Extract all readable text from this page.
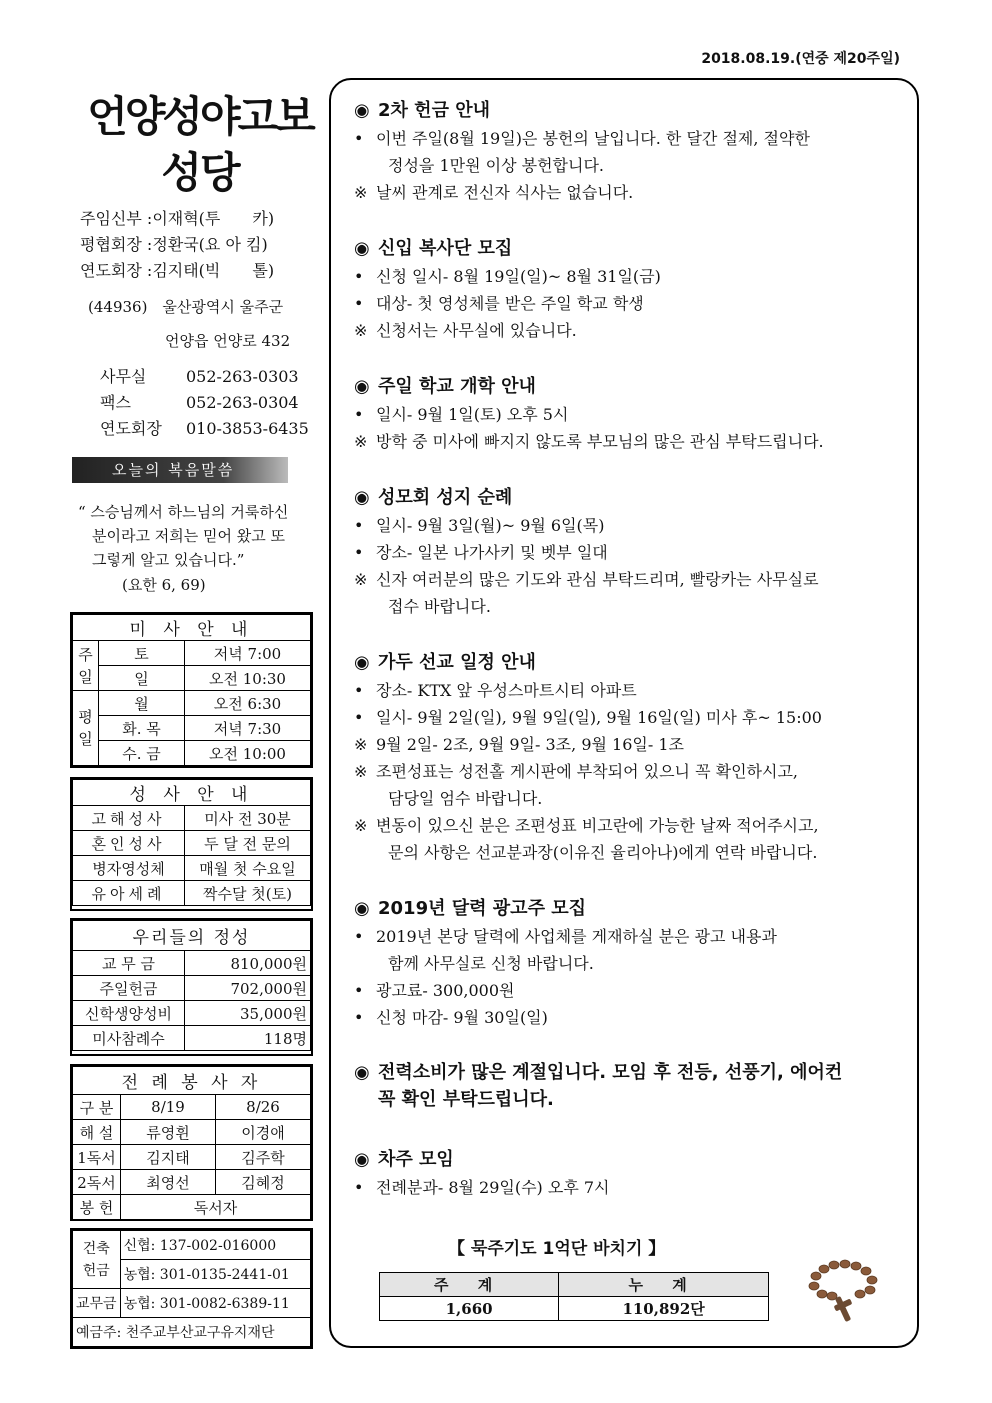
2018.08.19.(연중 제20주일)
언양성야고보
성당
주임신부 :이재혁(투　　카)
평협회장 :정환국(요 아 킴)
연도회장 :김지태(빅　　톨)
(44936)　울산광역시 울주군
언양읍 언양로 432
사무실 052-263-0303
팩스	052-263-0304
연도회장 010-3853-6435
오늘의 복음말씀
“ 스승님께서 하느님의 거룩하신
분이라고 저희는 믿어 왔고 또
그렇게 알고 있습니다.”
(요한 6, 69)
미 사 안 내		
주일	토	저녁 7:00
	일	오전 10:30
평일	월	오전 6:30
	화. 목	저녁 7:30
	수. 금	오전 10:00
성 사 안 내	
고해성사	미사 전 30분
혼인성사	두 달 전 문의
병자영성체	매월 첫 수요일
유아세례	짝수달 첫(토)
우리들의 정성	
교 무 금	810,000원
주일헌금	702,000원
신학생양성비	35,000원
미사참례수	118명
전 례 봉 사 자		
구 분	8/19	8/26
해 설	류영휜	이경애
1독서	김지태	김주학
2독서	최영선	김혜정
봉 헌	독서자	
건축
헌금	신협: 137-002-016000
	농협: 301-0135-2441-01
교무금	농협: 301-0082-6389-11
예금주: 천주교부산교구유지재단	
◉ 2차 헌금 안내
• 이번 주일(8월 19일)은 봉헌의 날입니다. 한 달간 절제, 절약한
정성을 1만원 이상 봉헌합니다.
※ 날씨 관계로 전신자 식사는 없습니다.
◉ 신입 복사단 모집
• 신청 일시- 8월 19일(일)~ 8월 31일(금)
• 대상- 첫 영성체를 받은 주일 학교 학생
※ 신청서는 사무실에 있습니다.
◉ 주일 학교 개학 안내
• 일시- 9월 1일(토) 오후 5시
※ 방학 중 미사에 빠지지 않도록 부모님의 많은 관심 부탁드립니다.
◉ 성모회 성지 순례
• 일시- 9월 3일(월)~ 9월 6일(목)
• 장소- 일본 나가사키 및 벳부 일대
※ 신자 여러분의 많은 기도와 관심 부탁드리며, 빨랑카는 사무실로
접수 바랍니다.
◉ 가두 선교 일정 안내
• 장소- KTX 앞 우성스마트시티 아파트
• 일시- 9월 2일(일), 9월 9일(일), 9월 16일(일) 미사 후~ 15:00
※ 9월 2일- 2조, 9월 9일- 3조, 9월 16일- 1조
※ 조편성표는 성전홀 게시판에 부착되어 있으니 꼭 확인하시고,
담당일 엄수 바랍니다.
※ 변동이 있으신 분은 조편성표 비고란에 가능한 날짜 적어주시고,
문의 사항은 선교분과장(이유진 율리아나)에게 연락 바랍니다.
◉ 2019년 달력 광고주 모집
• 2019년 본당 달력에 사업체를 게재하실 분은 광고 내용과
함께 사무실로 신청 바랍니다.
• 광고료- 300,000원
• 신청 마감- 9월 30일(일)
◉ 전력소비가 많은 계절입니다. 모임 후 전등, 선풍기, 에어컨
꼭 확인 부탁드립니다.
◉ 차주 모임
• 전례분과- 8월 29일(수) 오후 7시
【 묵주기도 1억단 바치기 】
주 계	누 계
1,660	110,892단
